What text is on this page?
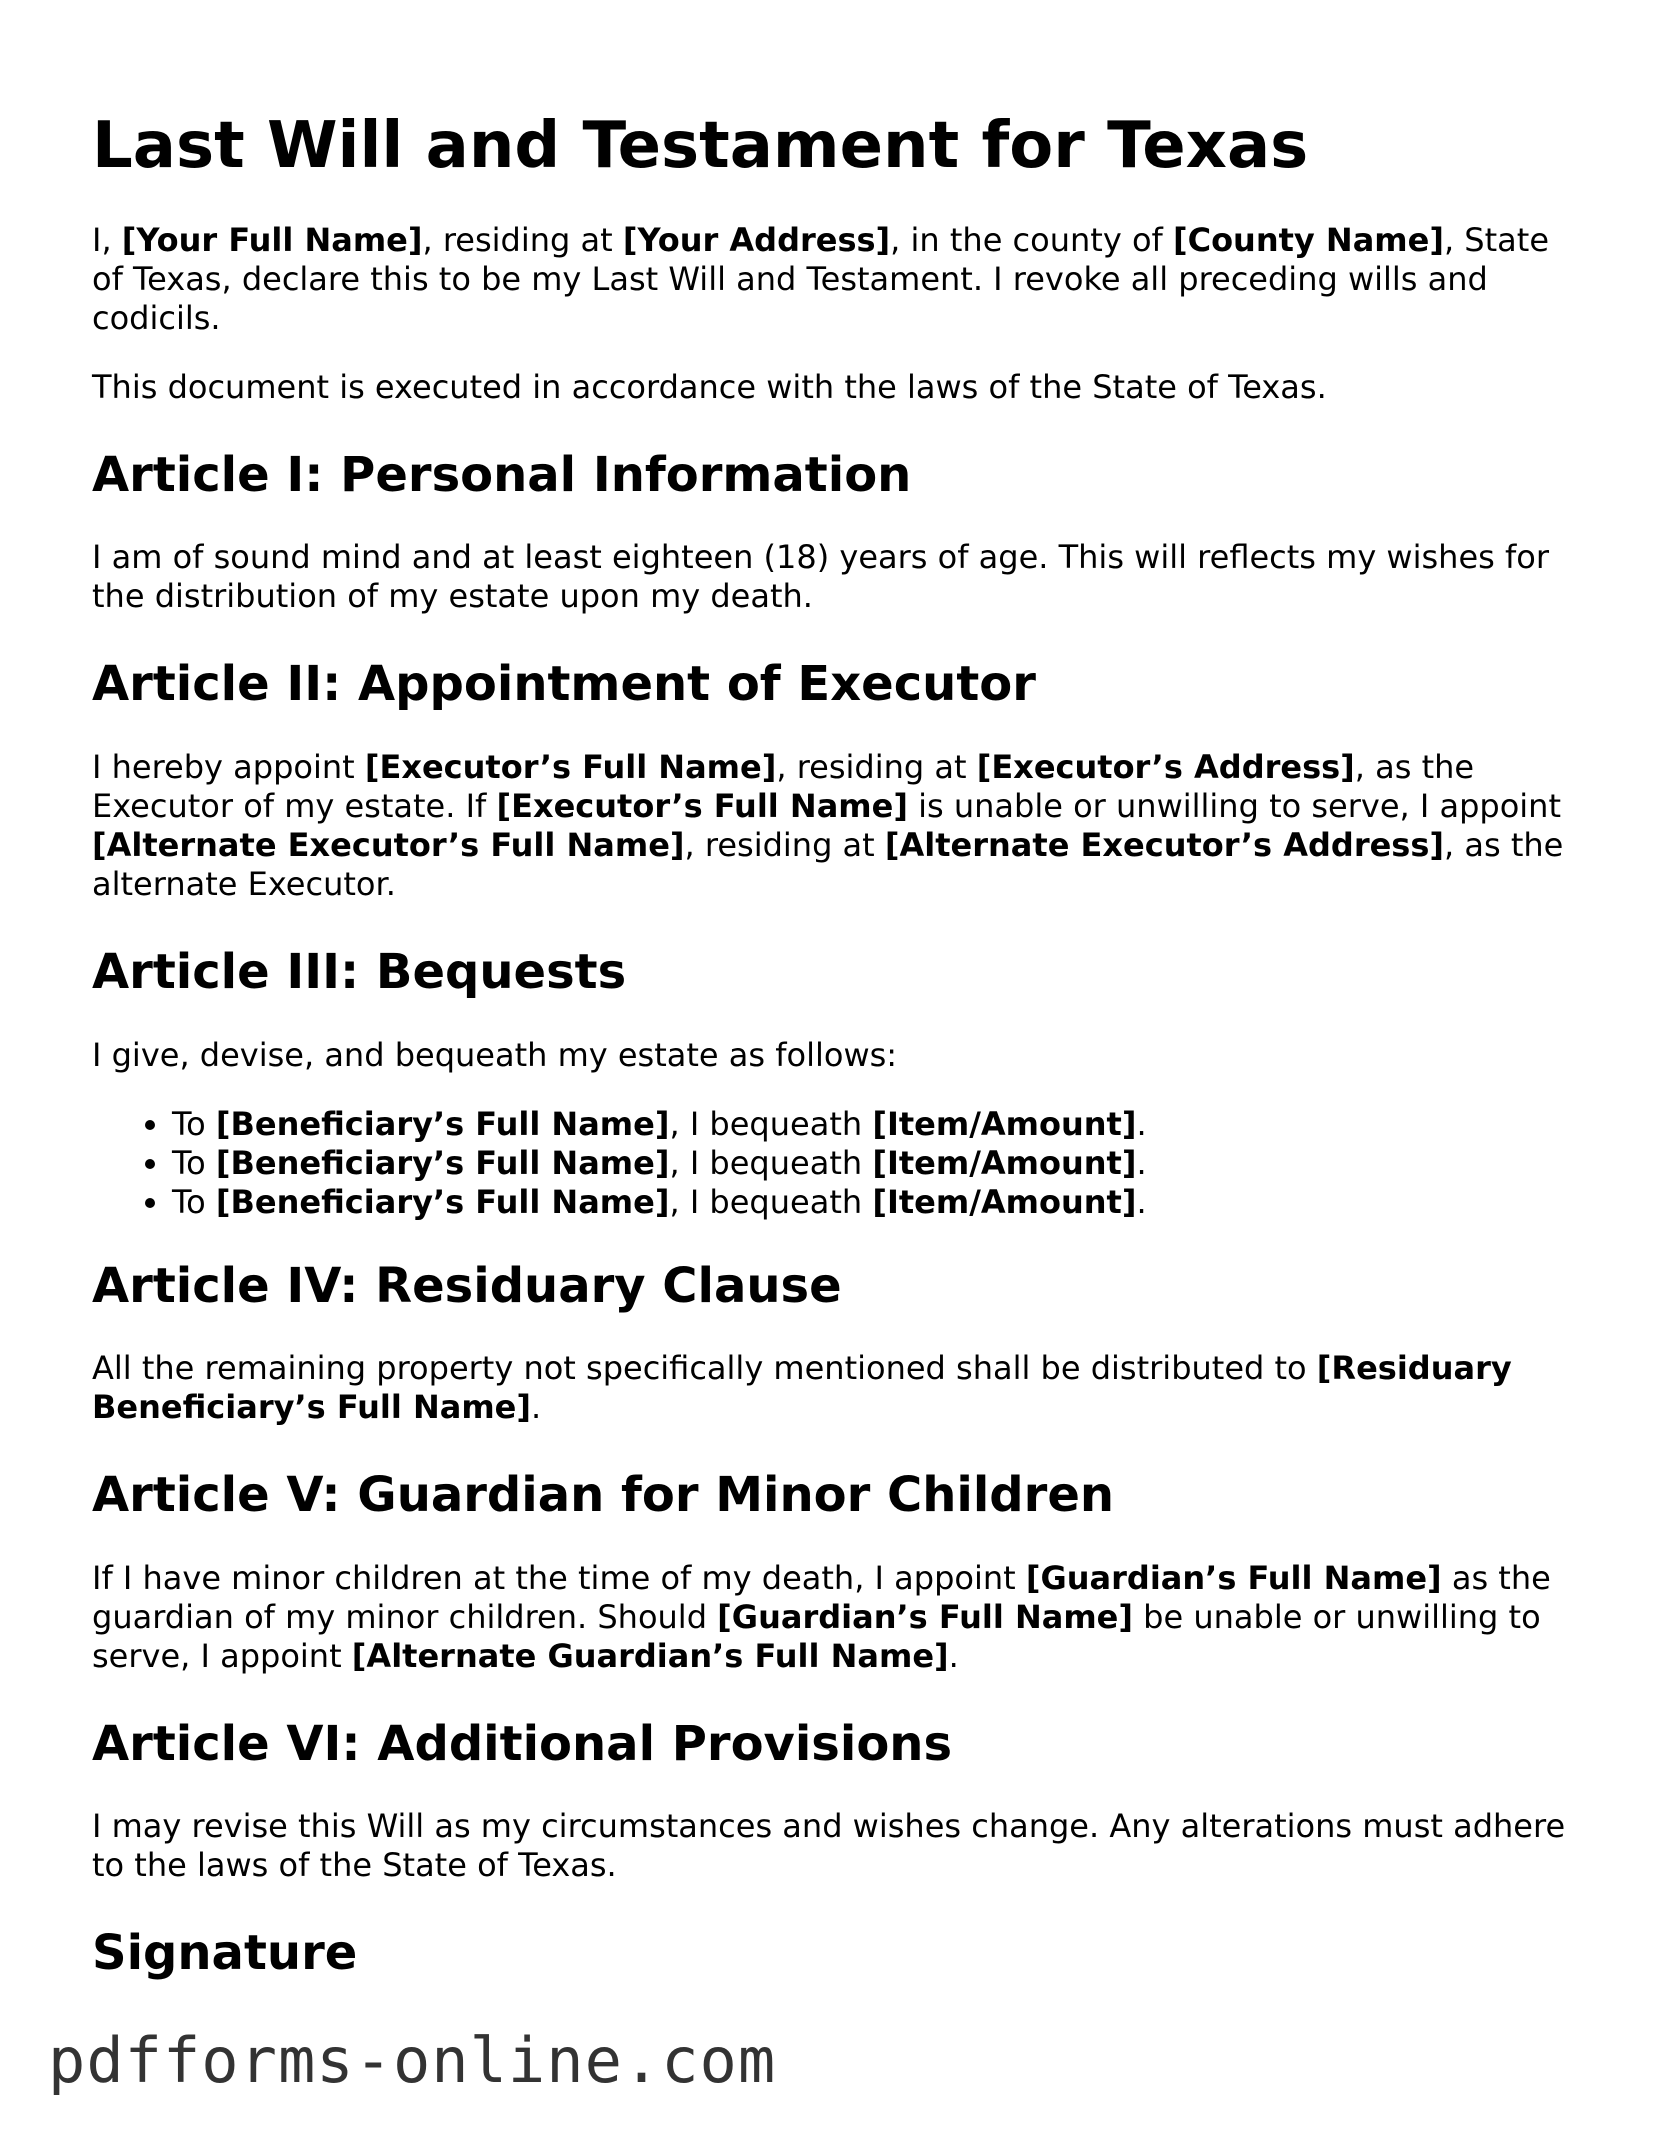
Last Will and Testament for Texas

I, [Your Full Name], residing at [Your Address], in the county of [County Name], State of Texas, declare this to be my Last Will and Testament. I revoke all preceding wills and codicils.

This document is executed in accordance with the laws of the State of Texas.

Article I: Personal Information

I am of sound mind and at least eighteen (18) years of age. This will reflects my wishes for the distribution of my estate upon my death.

Article II: Appointment of Executor

I hereby appoint [Executor’s Full Name], residing at [Executor’s Address], as the Executor of my estate. If [Executor’s Full Name] is unable or unwilling to serve, I appoint [Alternate Executor’s Full Name], residing at [Alternate Executor’s Address], as the alternate Executor.

Article III: Bequests

I give, devise, and bequeath my estate as follows:

• To [Beneficiary’s Full Name], I bequeath [Item/Amount].
• To [Beneficiary’s Full Name], I bequeath [Item/Amount].
• To [Beneficiary’s Full Name], I bequeath [Item/Amount].
Article IV: Residuary Clause

All the remaining property not specifically mentioned shall be distributed to [Residuary Beneficiary’s Full Name].

Article V: Guardian for Minor Children

If I have minor children at the time of my death, I appoint [Guardian’s Full Name] as the guardian of my minor children. Should [Guardian’s Full Name] be unable or unwilling to serve, I appoint [Alternate Guardian’s Full Name].

Article VI: Additional Provisions

I may revise this Will as my circumstances and wishes change. Any alterations must adhere to the laws of the State of Texas.

Signature
pdfforms-online.com
